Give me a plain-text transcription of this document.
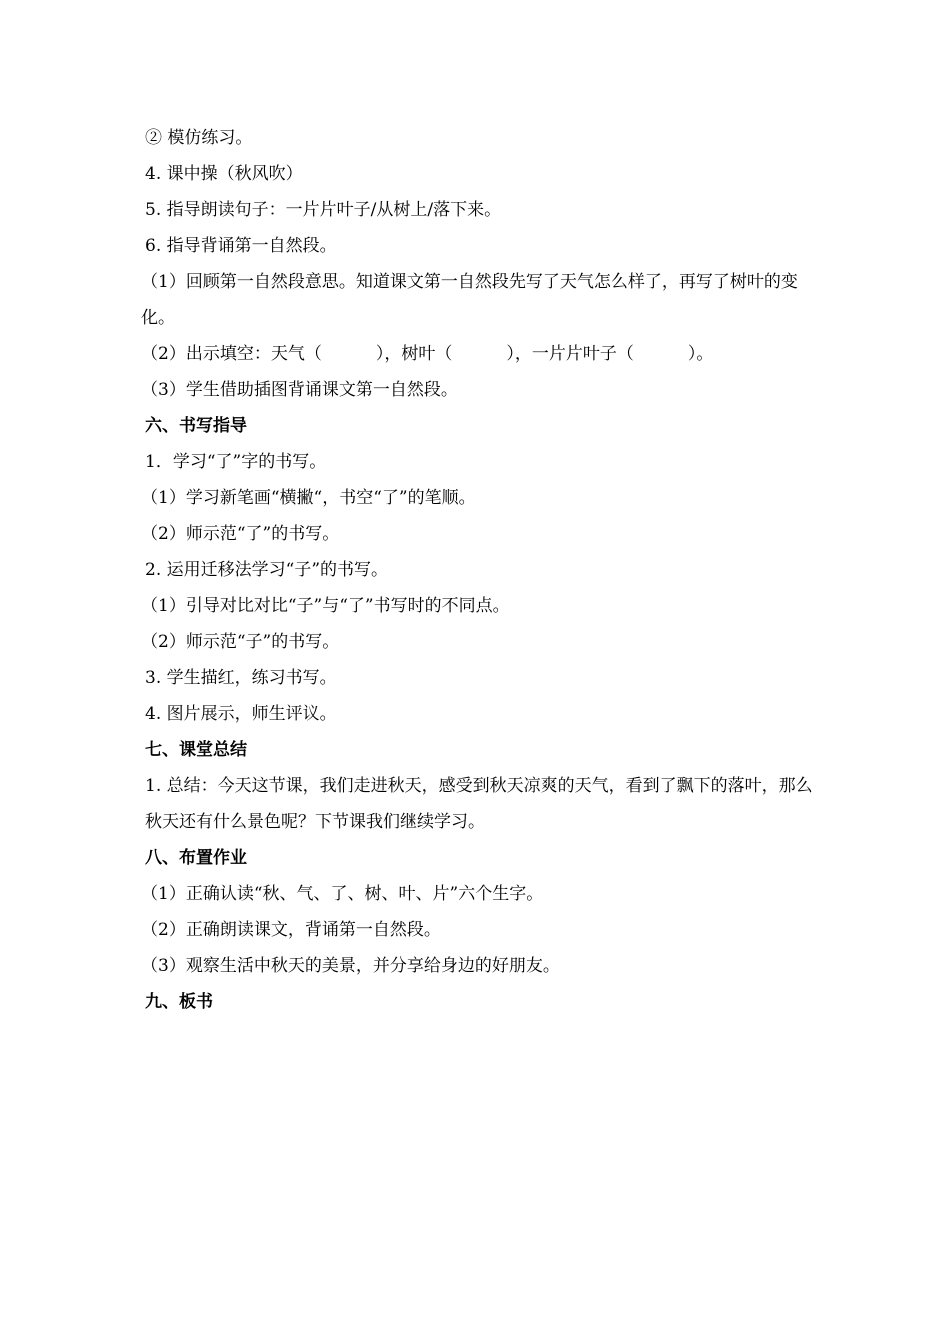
② 模仿练习。
4. 课中操（秋风吹）
5. 指导朗读句子：一片片叶子/从树上/落下来。
6. 指导背诵第一自然段。
（1）回顾第一自然段意思。知道课文第一自然段先写了天气怎么样了，再写了树叶的变化。
（2）出示填空：天气（	），树叶（	），一片片叶子（	）。
（3）学生借助插图背诵课文第一自然段。
六、书写指导
1．学习“了”字的书写。
（1）学习新笔画“横撇“，书空“了”的笔顺。
（2）师示范“了”的书写。
2. 运用迁移法学习“子”的书写。
（1）引导对比对比“子”与“了”书写时的不同点。
（2）师示范“子”的书写。
3. 学生描红，练习书写。
4. 图片展示，师生评议。
七、课堂总结
1. 总结：今天这节课，我们走进秋天，感受到秋天凉爽的天气，看到了飘下的落叶，那么秋天还有什么景色呢？下节课我们继续学习。
八、布置作业
（1）正确认读“秋、气、了、树、叶、片”六个生字。
（2）正确朗读课文，背诵第一自然段。
（3）观察生活中秋天的美景，并分享给身边的好朋友。
九、板书
